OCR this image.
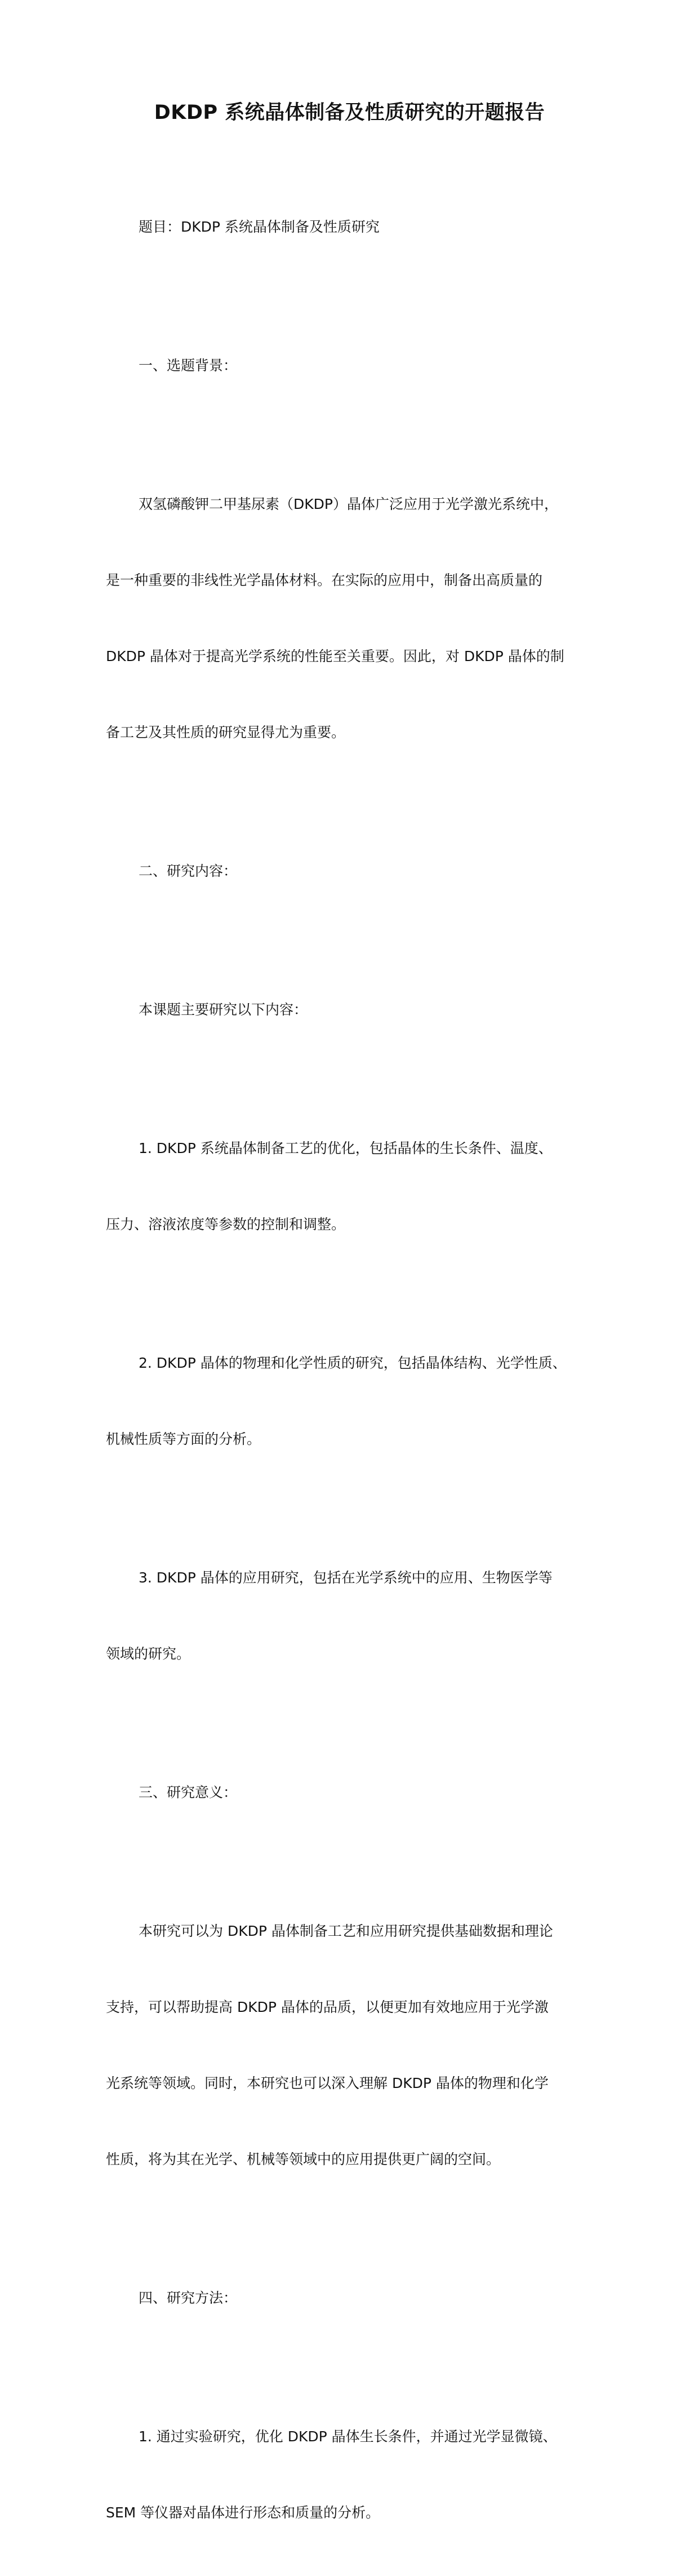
DKDP 系统晶体制备及性质研究的开题报告

题目：DKDP 系统晶体制备及性质研究

一、选题背景：

双氢磷酸钾二甲基尿素（DKDP）晶体广泛应用于光学激光系统中，

是一种重要的非线性光学晶体材料。在实际的应用中，制备出高质量的

DKDP 晶体对于提高光学系统的性能至关重要。因此，对 DKDP 晶体的制

备工艺及其性质的研究显得尤为重要。

二、研究内容：

本课题主要研究以下内容：

1. DKDP 系统晶体制备工艺的优化，包括晶体的生长条件、温度、

压力、溶液浓度等参数的控制和调整。

2. DKDP 晶体的物理和化学性质的研究，包括晶体结构、光学性质、

机械性质等方面的分析。

3. DKDP 晶体的应用研究，包括在光学系统中的应用、生物医学等

领域的研究。

三、研究意义：

本研究可以为 DKDP 晶体制备工艺和应用研究提供基础数据和理论

支持，可以帮助提高 DKDP 晶体的品质，以便更加有效地应用于光学激

光系统等领域。同时，本研究也可以深入理解 DKDP 晶体的物理和化学

性质，将为其在光学、机械等领域中的应用提供更广阔的空间。

四、研究方法：

1. 通过实验研究，优化 DKDP 晶体生长条件，并通过光学显微镜、

SEM 等仪器对晶体进行形态和质量的分析。
